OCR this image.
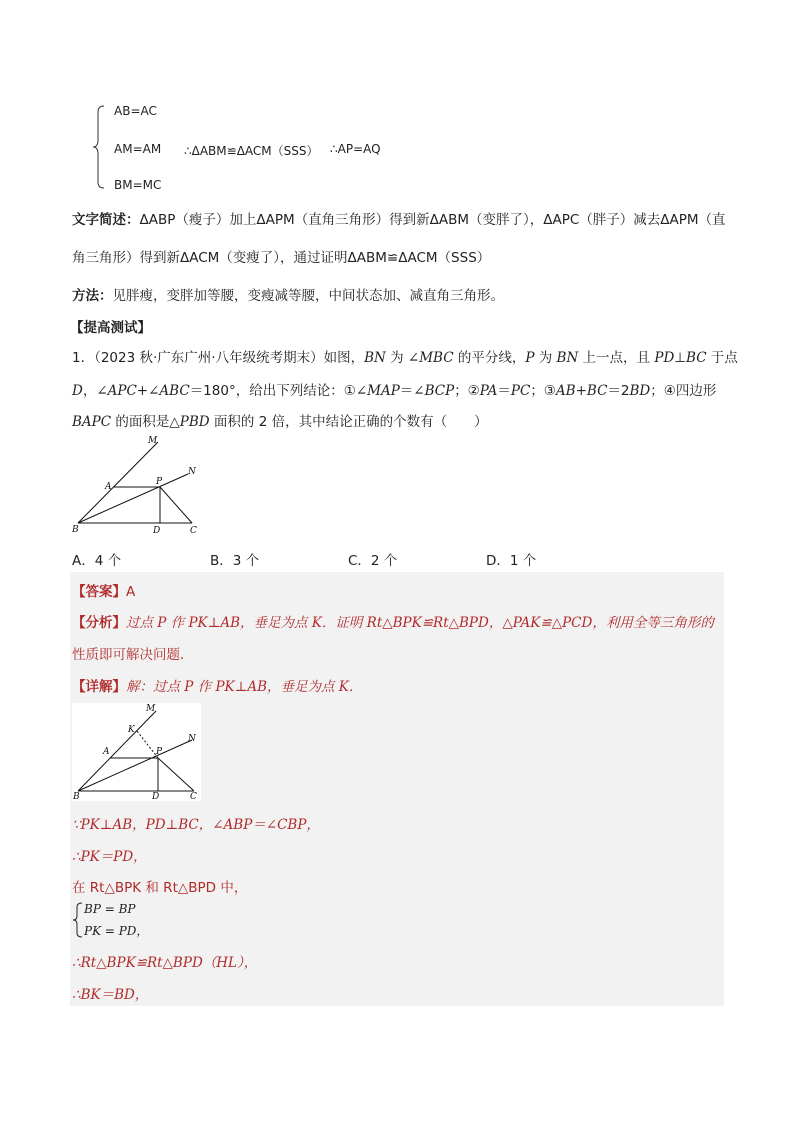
AB=AC
AM=AM ∴ΔABM≌ΔACM（SSS） ∴AP=AQ
BM=MC
文字简述：ΔABP（瘦子）加上ΔAPM（直角三角形）得到新ΔABM（变胖了），ΔAPC（胖子）减去ΔAPM（直
角三角形）得到新ΔACM（变瘦了），通过证明ΔABM≌ΔACM（SSS）
方法：见胖瘦，变胖加等腰，变瘦减等腰，中间状态加、减直角三角形。
【提高测试】
1．（2023 秋·广东广州·八年级统考期末）如图，BN 为 ∠MBC 的平分线，P 为 BN 上一点，且 PD⊥BC 于点
D，∠APC+∠ABC＝180°，给出下列结论：①∠MAP＝∠BCP；②PA＝PC；③AB+BC＝2BD；④四边形
BAPC 的面积是△PBD 面积的 2 倍，其中结论正确的个数有（　　）
M
N
A	P
B	D	C
A．4 个	B．3 个	C．2 个	D．1 个
【答案】A
【分析】过点 P 作 PK⊥AB，垂足为点 K．证明 Rt△BPK≌Rt△BPD，△PAK≌△PCD，利用全等三角形的
性质即可解决问题．
【详解】解：过点 P 作 PK⊥AB，垂足为点 K．
M
N
K
A	P
B	D	C
∵PK⊥AB，PD⊥BC，∠ABP＝∠CBP，
∴PK＝PD，
在 Rt△BPK 和 Rt△BPD 中，
BP = BP
PK = PD，
∴Rt△BPK≌Rt△BPD（HL），
∴BK＝BD，
